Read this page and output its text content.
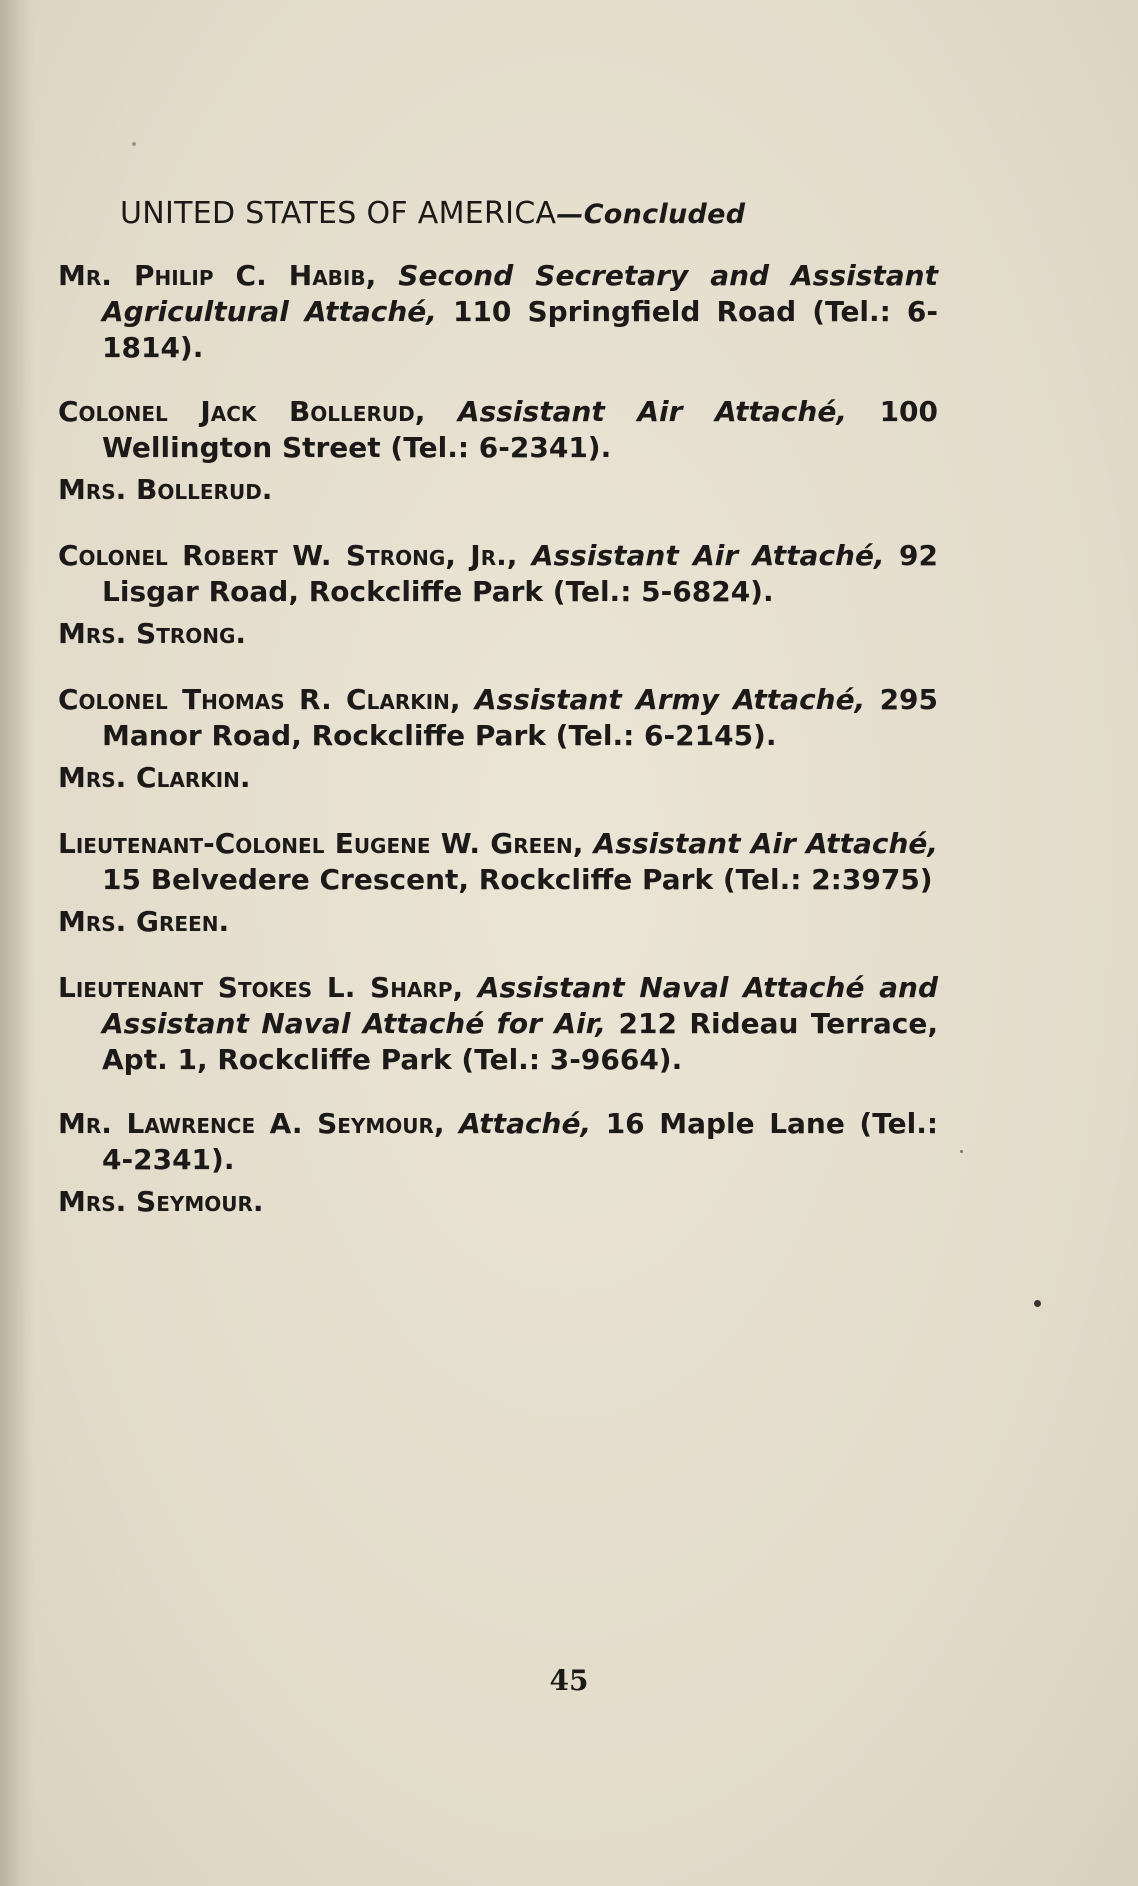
UNITED STATES OF AMERICA—Concluded
Mr. Philip C. Habib, Second Secretary and Assistant Agricultural Attaché, 110 Springfield Road (Tel.: 6-1814).
Colonel Jack Bollerud, Assistant Air Attaché, 100 Wellington Street (Tel.: 6-2341).
Mrs. Bollerud.
Colonel Robert W. Strong, Jr., Assistant Air Attaché, 92 Lisgar Road, Rockcliffe Park (Tel.: 5-6824).
Mrs. Strong.
Colonel Thomas R. Clarkin, Assistant Army Attaché, 295 Manor Road, Rockcliffe Park (Tel.: 6-2145).
Mrs. Clarkin.
Lieutenant-Colonel Eugene W. Green, Assistant Air Attaché, 15 Belvedere Crescent, Rockcliffe Park (Tel.: 2:3975)
Mrs. Green.
Lieutenant Stokes L. Sharp, Assistant Naval Attaché and Assistant Naval Attaché for Air, 212 Rideau Terrace, Apt. 1, Rockcliffe Park (Tel.: 3-9664).
Mr. Lawrence A. Seymour, Attaché, 16 Maple Lane (Tel.: 4-2341).
Mrs. Seymour.
45
